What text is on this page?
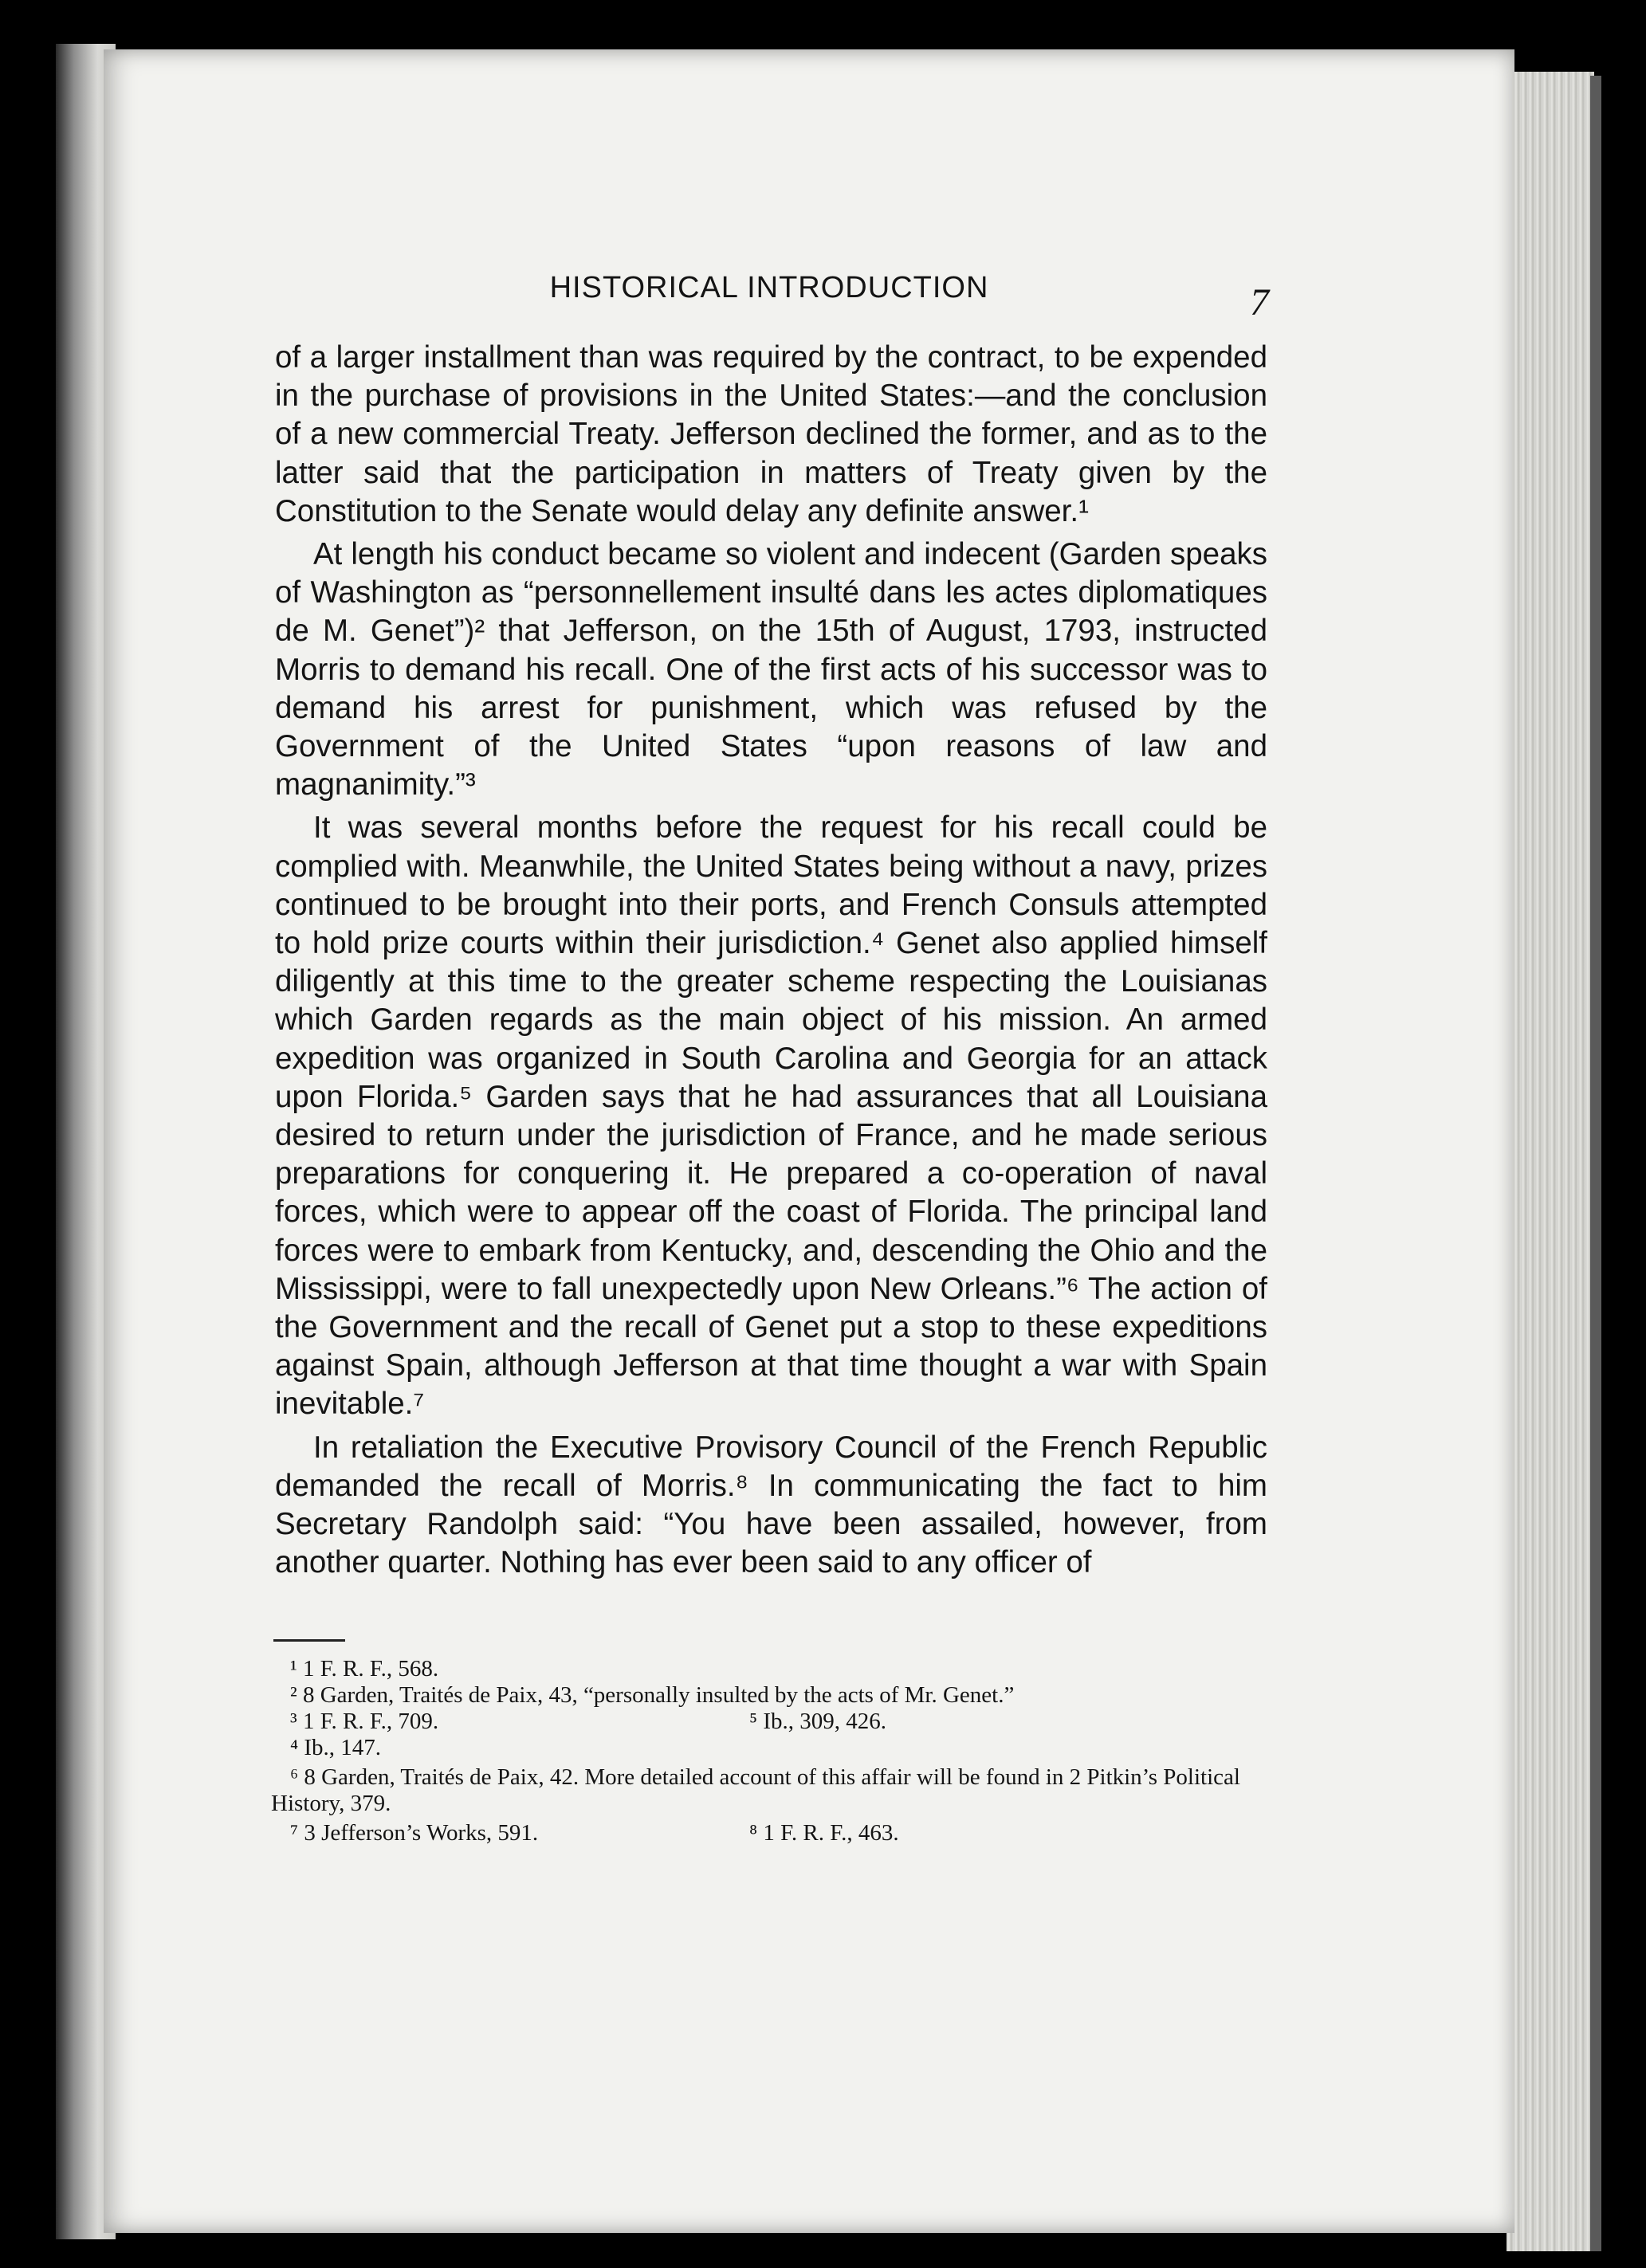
HISTORICAL INTRODUCTION	7

of a larger installment than was required by the contract, to be expended in the purchase of provisions in the United States:—and the conclusion of a new commercial Treaty. Jefferson declined the former, and as to the latter said that the participation in matters of Treaty given by the Constitution to the Senate would delay any definite answer.¹

At length his conduct became so violent and indecent (Garden speaks of Washington as “personnellement insulté dans les actes diplomatiques de M. Genet”)² that Jefferson, on the 15th of August, 1793, instructed Morris to demand his recall. One of the first acts of his successor was to demand his arrest for punishment, which was refused by the Government of the United States “upon reasons of law and magnanimity.”³

It was several months before the request for his recall could be complied with. Meanwhile, the United States being without a navy, prizes continued to be brought into their ports, and French Consuls attempted to hold prize courts within their jurisdiction.⁴ Genet also applied himself diligently at this time to the greater scheme respecting the Louisianas which Garden regards as the main object of his mission. An armed expedition was organized in South Carolina and Georgia for an attack upon Florida.⁵ Garden says that he had assurances that all Louisiana desired to return under the jurisdiction of France, and he made serious preparations for conquering it. He prepared a co-operation of naval forces, which were to appear off the coast of Florida. The principal land forces were to embark from Kentucky, and, descending the Ohio and the Mississippi, were to fall unexpectedly upon New Orleans.”⁶ The action of the Government and the recall of Genet put a stop to these expeditions against Spain, although Jefferson at that time thought a war with Spain inevitable.⁷

In retaliation the Executive Provisory Council of the French Republic demanded the recall of Morris.⁸ In communicating the fact to him Secretary Randolph said: “You have been assailed, however, from another quarter. Nothing has ever been said to any officer of

¹ 1 F. R. F., 568.
² 8 Garden, Traités de Paix, 43, “personally insulted by the acts of Mr. Genet.”
³ 1 F. R. F., 709.	⁵ Ib., 309, 426.
⁴ Ib., 147.
⁶ 8 Garden, Traités de Paix, 42. More detailed account of this affair will be found in 2 Pitkin’s Political History, 379.
⁷ 3 Jefferson’s Works, 591.	⁸ 1 F. R. F., 463.
